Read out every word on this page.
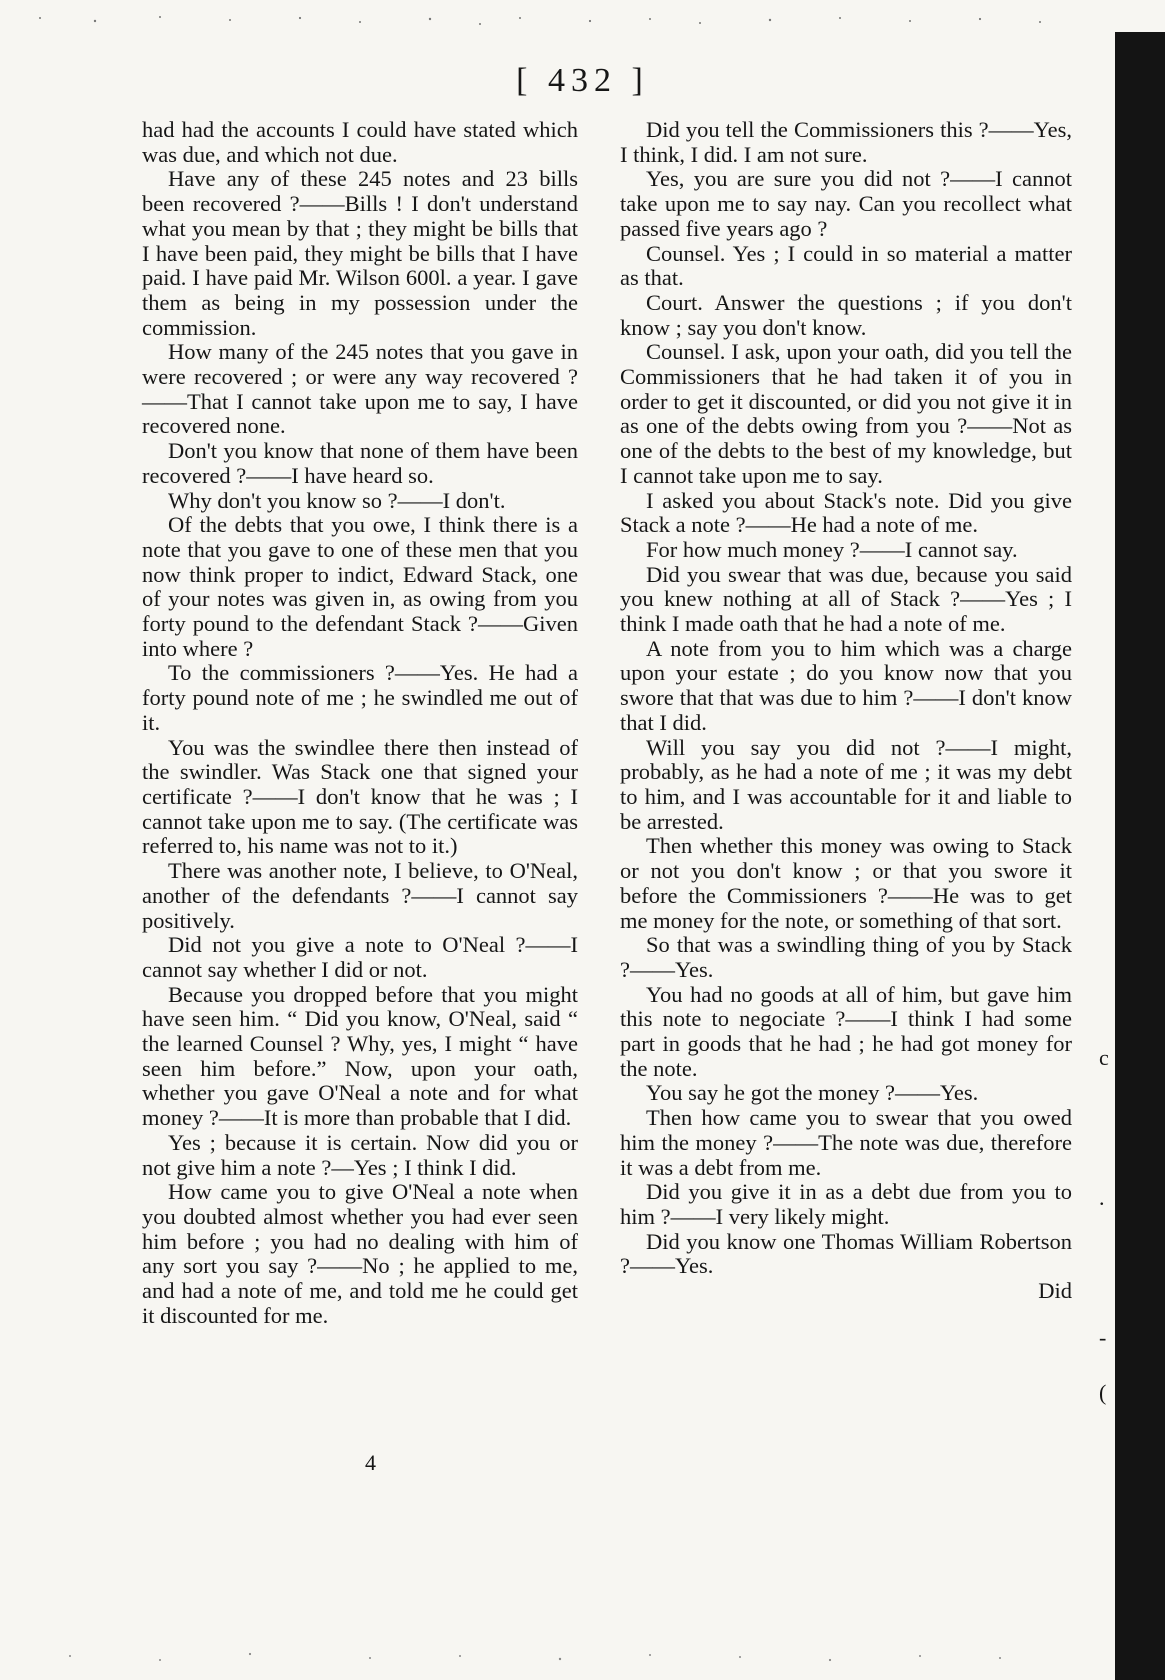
c
.
-
(
[ 432 ]

had had the accounts I could have stated which was due, and which not due.

Have any of these 245 notes and 23 bills been recovered ?——Bills ! I don't understand what you mean by that ; they might be bills that I have been paid, they might be bills that I have paid. I have paid Mr. Wilson 600l. a year. I gave them as being in my possession under the commission.

How many of the 245 notes that you gave in were recovered ; or were any way recovered ?——That I cannot take upon me to say, I have recovered none.

Don't you know that none of them have been recovered ?——I have heard so.

Why don't you know so ?——I don't.

Of the debts that you owe, I think there is a note that you gave to one of these men that you now think proper to indict, Edward Stack, one of your notes was given in, as owing from you forty pound to the defendant Stack ?——Given into where ?

To the commissioners ?——Yes. He had a forty pound note of me ; he swindled me out of it.

You was the swindlee there then instead of the swindler. Was Stack one that signed your certificate ?——I don't know that he was ; I cannot take upon me to say. (The certificate was referred to, his name was not to it.)

There was another note, I believe, to O'Neal, another of the defendants ?——I cannot say positively.

Did not you give a note to O'Neal ?——I cannot say whether I did or not.

Because you dropped before that you might have seen him. “ Did you know, O'Neal, said “ the learned Counsel ? Why, yes, I might “ have seen him before.” Now, upon your oath, whether you gave O'Neal a note and for what money ?——It is more than probable that I did.

Yes ; because it is certain. Now did you or not give him a note ?—Yes ; I think I did.

How came you to give O'Neal a note when you doubted almost whether you had ever seen him before ; you had no dealing with him of any sort you say ?——No ; he applied to me, and had a note of me, and told me he could get it discounted for me.

4

Did you tell the Commissioners this ?——Yes, I think, I did. I am not sure.

Yes, you are sure you did not ?——I cannot take upon me to say nay. Can you recollect what passed five years ago ?

Counsel. Yes ; I could in so material a matter as that.

Court. Answer the questions ; if you don't know ; say you don't know.

Counsel. I ask, upon your oath, did you tell the Commissioners that he had taken it of you in order to get it discounted, or did you not give it in as one of the debts owing from you ?——Not as one of the debts to the best of my knowledge, but I cannot take upon me to say.

I asked you about Stack's note. Did you give Stack a note ?——He had a note of me.

For how much money ?——I cannot say.

Did you swear that was due, because you said you knew nothing at all of Stack ?——Yes ; I think I made oath that he had a note of me.

A note from you to him which was a charge upon your estate ; do you know now that you swore that that was due to him ?——I don't know that I did.

Will you say you did not ?——I might, probably, as he had a note of me ; it was my debt to him, and I was accountable for it and liable to be arrested.

Then whether this money was owing to Stack or not you don't know ; or that you swore it before the Commissioners ?——He was to get me money for the note, or something of that sort.

So that was a swindling thing of you by Stack ?——Yes.

You had no goods at all of him, but gave him this note to negociate ?——I think I had some part in goods that he had ; he had got money for the note.

You say he got the money ?——Yes.

Then how came you to swear that you owed him the money ?——The note was due, therefore it was a debt from me.

Did you give it in as a debt due from you to him ?——I very likely might.

Did you know one Thomas William Robertson ?——Yes.

Did
